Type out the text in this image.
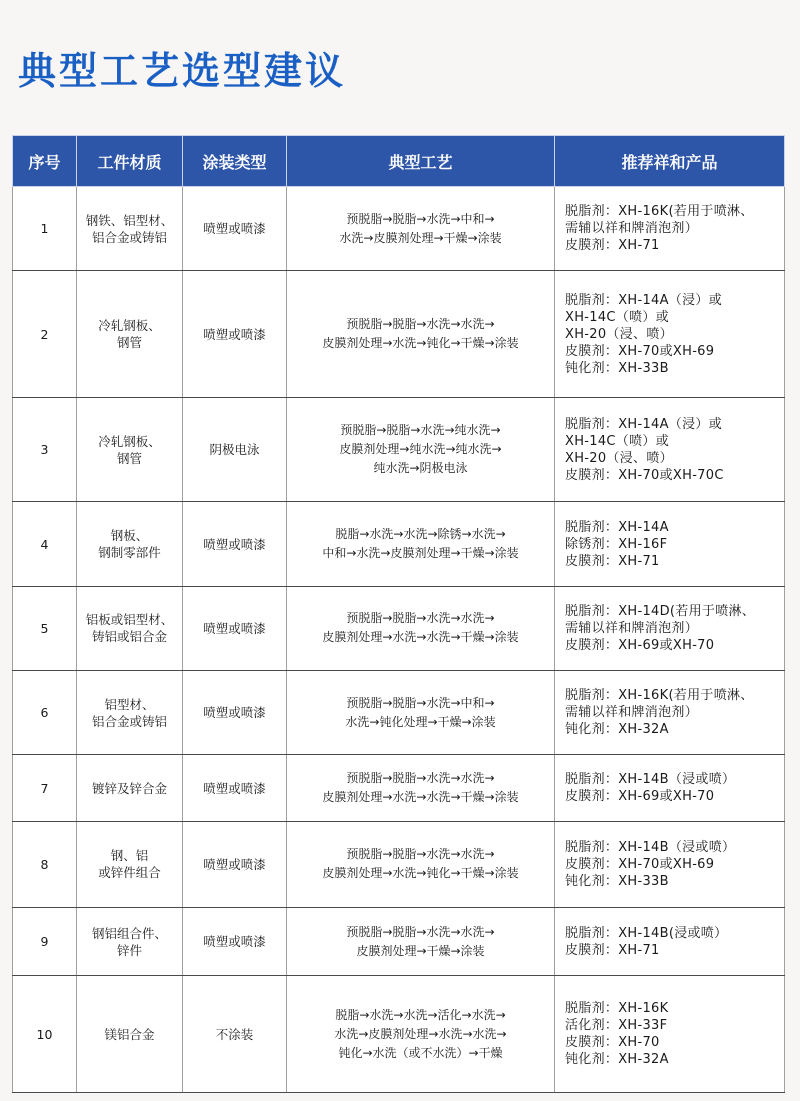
典型工艺选型建议
序号	工件材质	涂装类型	典型工艺	推荐祥和产品
1	钢铁、铝型材、
铝合金或铸铝	喷塑或喷漆	预脱脂→脱脂→水洗→中和→
水洗→皮膜剂处理→干燥→涂装	脱脂剂：XH-16K(若用于喷淋、
需辅以祥和牌消泡剂）
皮膜剂：XH-71

2	冷轧钢板、
钢管	喷塑或喷漆	预脱脂→脱脂→水洗→水洗→
皮膜剂处理→水洗→钝化→干燥→涂装	脱脂剂：XH-14A（浸）或
XH-14C（喷）或
XH-20（浸、喷）
皮膜剂：XH-70或XH-69
钝化剂：XH-33B

3	冷轧钢板、
钢管	阴极电泳	预脱脂→脱脂→水洗→纯水洗→
皮膜剂处理→纯水洗→纯水洗→
纯水洗→阴极电泳	脱脂剂：XH-14A（浸）或
XH-14C（喷）或
XH-20（浸、喷）
皮膜剂：XH-70或XH-70C

4	钢板、
钢制零部件	喷塑或喷漆	脱脂→水洗→水洗→除锈→水洗→
中和→水洗→皮膜剂处理→干燥→涂装	脱脂剂：XH-14A
除锈剂：XH-16F
皮膜剂：XH-71

5	铝板或铝型材、
铸铝或铝合金	喷塑或喷漆	预脱脂→脱脂→水洗→水洗→
皮膜剂处理→水洗→水洗→干燥→涂装	脱脂剂：XH-14D(若用于喷淋、
需辅以祥和牌消泡剂）
皮膜剂：XH-69或XH-70

6	铝型材、
铝合金或铸铝	喷塑或喷漆	预脱脂→脱脂→水洗→中和→
水洗→钝化处理→干燥→涂装	脱脂剂：XH-16K(若用于喷淋、
需辅以祥和牌消泡剂）
钝化剂：XH-32A

7	镀锌及锌合金	喷塑或喷漆	预脱脂→脱脂→水洗→水洗→
皮膜剂处理→水洗→水洗→干燥→涂装	脱脂剂：XH-14B（浸或喷）
皮膜剂：XH-69或XH-70

8	钢、铝
或锌件组合	喷塑或喷漆	预脱脂→脱脂→水洗→水洗→
皮膜剂处理→水洗→钝化→干燥→涂装	脱脂剂：XH-14B（浸或喷）
皮膜剂：XH-70或XH-69
钝化剂：XH-33B

9	钢铝组合件、
锌件	喷塑或喷漆	预脱脂→脱脂→水洗→水洗→
皮膜剂处理→干燥→涂装	脱脂剂：XH-14B(浸或喷）
皮膜剂：XH-71

10	镁铝合金	不涂装	脱脂→水洗→水洗→活化→水洗→
水洗→皮膜剂处理→水洗→水洗→
钝化→水洗（或不水洗）→干燥	脱脂剂：XH-16K
活化剂：XH-33F
皮膜剂：XH-70
钝化剂：XH-32A
